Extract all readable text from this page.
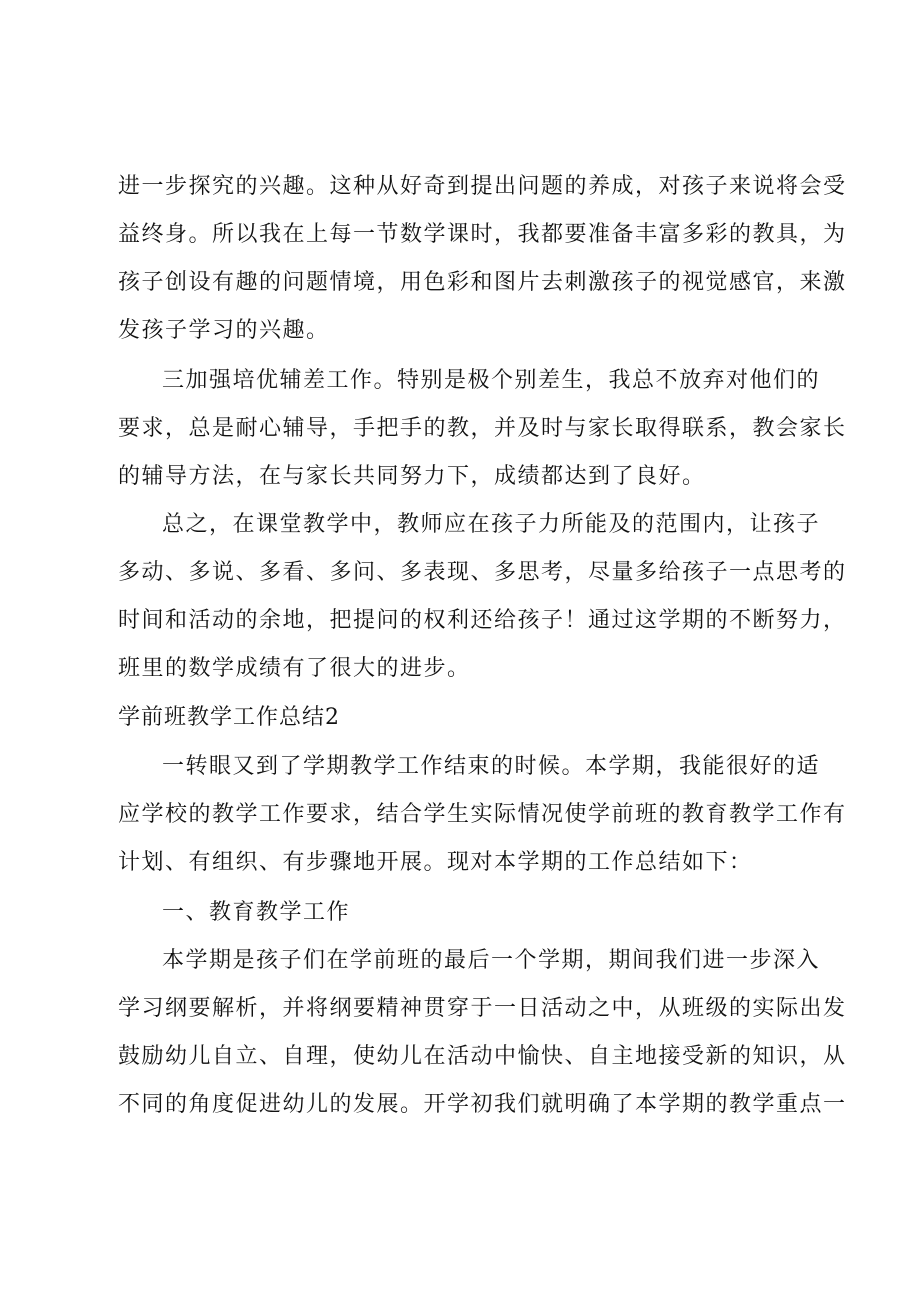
进一步探究的兴趣。这种从好奇到提出问题的养成，对孩子来说将会受
益终身。所以我在上每一节数学课时，我都要准备丰富多彩的教具，为
孩子创设有趣的问题情境，用色彩和图片去刺激孩子的视觉感官，来激
发孩子学习的兴趣。
三加强培优辅差工作。特别是极个别差生，我总不放弃对他们的
要求，总是耐心辅导，手把手的教，并及时与家长取得联系，教会家长
的辅导方法，在与家长共同努力下，成绩都达到了良好。
总之，在课堂教学中，教师应在孩子力所能及的范围内，让孩子
多动、多说、多看、多问、多表现、多思考，尽量多给孩子一点思考的
时间和活动的余地，把提问的权利还给孩子！通过这学期的不断努力，
班里的数学成绩有了很大的进步。
学前班教学工作总结2
一转眼又到了学期教学工作结束的时候。本学期，我能很好的适
应学校的教学工作要求，结合学生实际情况使学前班的教育教学工作有
计划、有组织、有步骤地开展。现对本学期的工作总结如下：
一、教育教学工作
本学期是孩子们在学前班的最后一个学期，期间我们进一步深入
学习纲要解析，并将纲要精神贯穿于一日活动之中，从班级的实际出发
鼓励幼儿自立、自理，使幼儿在活动中愉快、自主地接受新的知识，从
不同的角度促进幼儿的发展。开学初我们就明确了本学期的教学重点一
